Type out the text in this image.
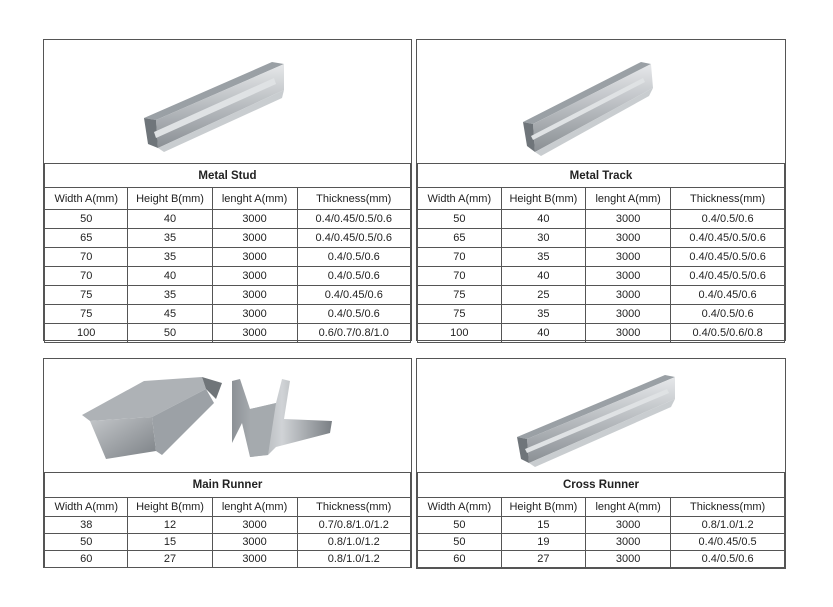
Metal Stud			
Width A(mm)	Height B(mm)	lenght A(mm)	Thickness(mm)
50	40	3000	0.4/0.45/0.5/0.6
65	35	3000	0.4/0.45/0.5/0.6
70	35	3000	0.4/0.5/0.6
70	40	3000	0.4/0.5/0.6
75	35	3000	0.4/0.45/0.6
75	45	3000	0.4/0.5/0.6
100	50	3000	0.6/0.7/0.8/1.0
Metal Track			
Width A(mm)	Height B(mm)	lenght A(mm)	Thickness(mm)
50	40	3000	0.4/0.5/0.6
65	30	3000	0.4/0.45/0.5/0.6
70	35	3000	0.4/0.45/0.5/0.6
70	40	3000	0.4/0.45/0.5/0.6
75	25	3000	0.4/0.45/0.6
75	35	3000	0.4/0.5/0.6
100	40	3000	0.4/0.5/0.6/0.8
Main Runner			
Width A(mm)	Height B(mm)	lenght A(mm)	Thickness(mm)
38	12	3000	0.7/0.8/1.0/1.2
50	15	3000	0.8/1.0/1.2
60	27	3000	0.8/1.0/1.2
Cross Runner			
Width A(mm)	Height B(mm)	lenght A(mm)	Thickness(mm)
50	15	3000	0.8/1.0/1.2
50	19	3000	0.4/0.45/0.5
60	27	3000	0.4/0.5/0.6
